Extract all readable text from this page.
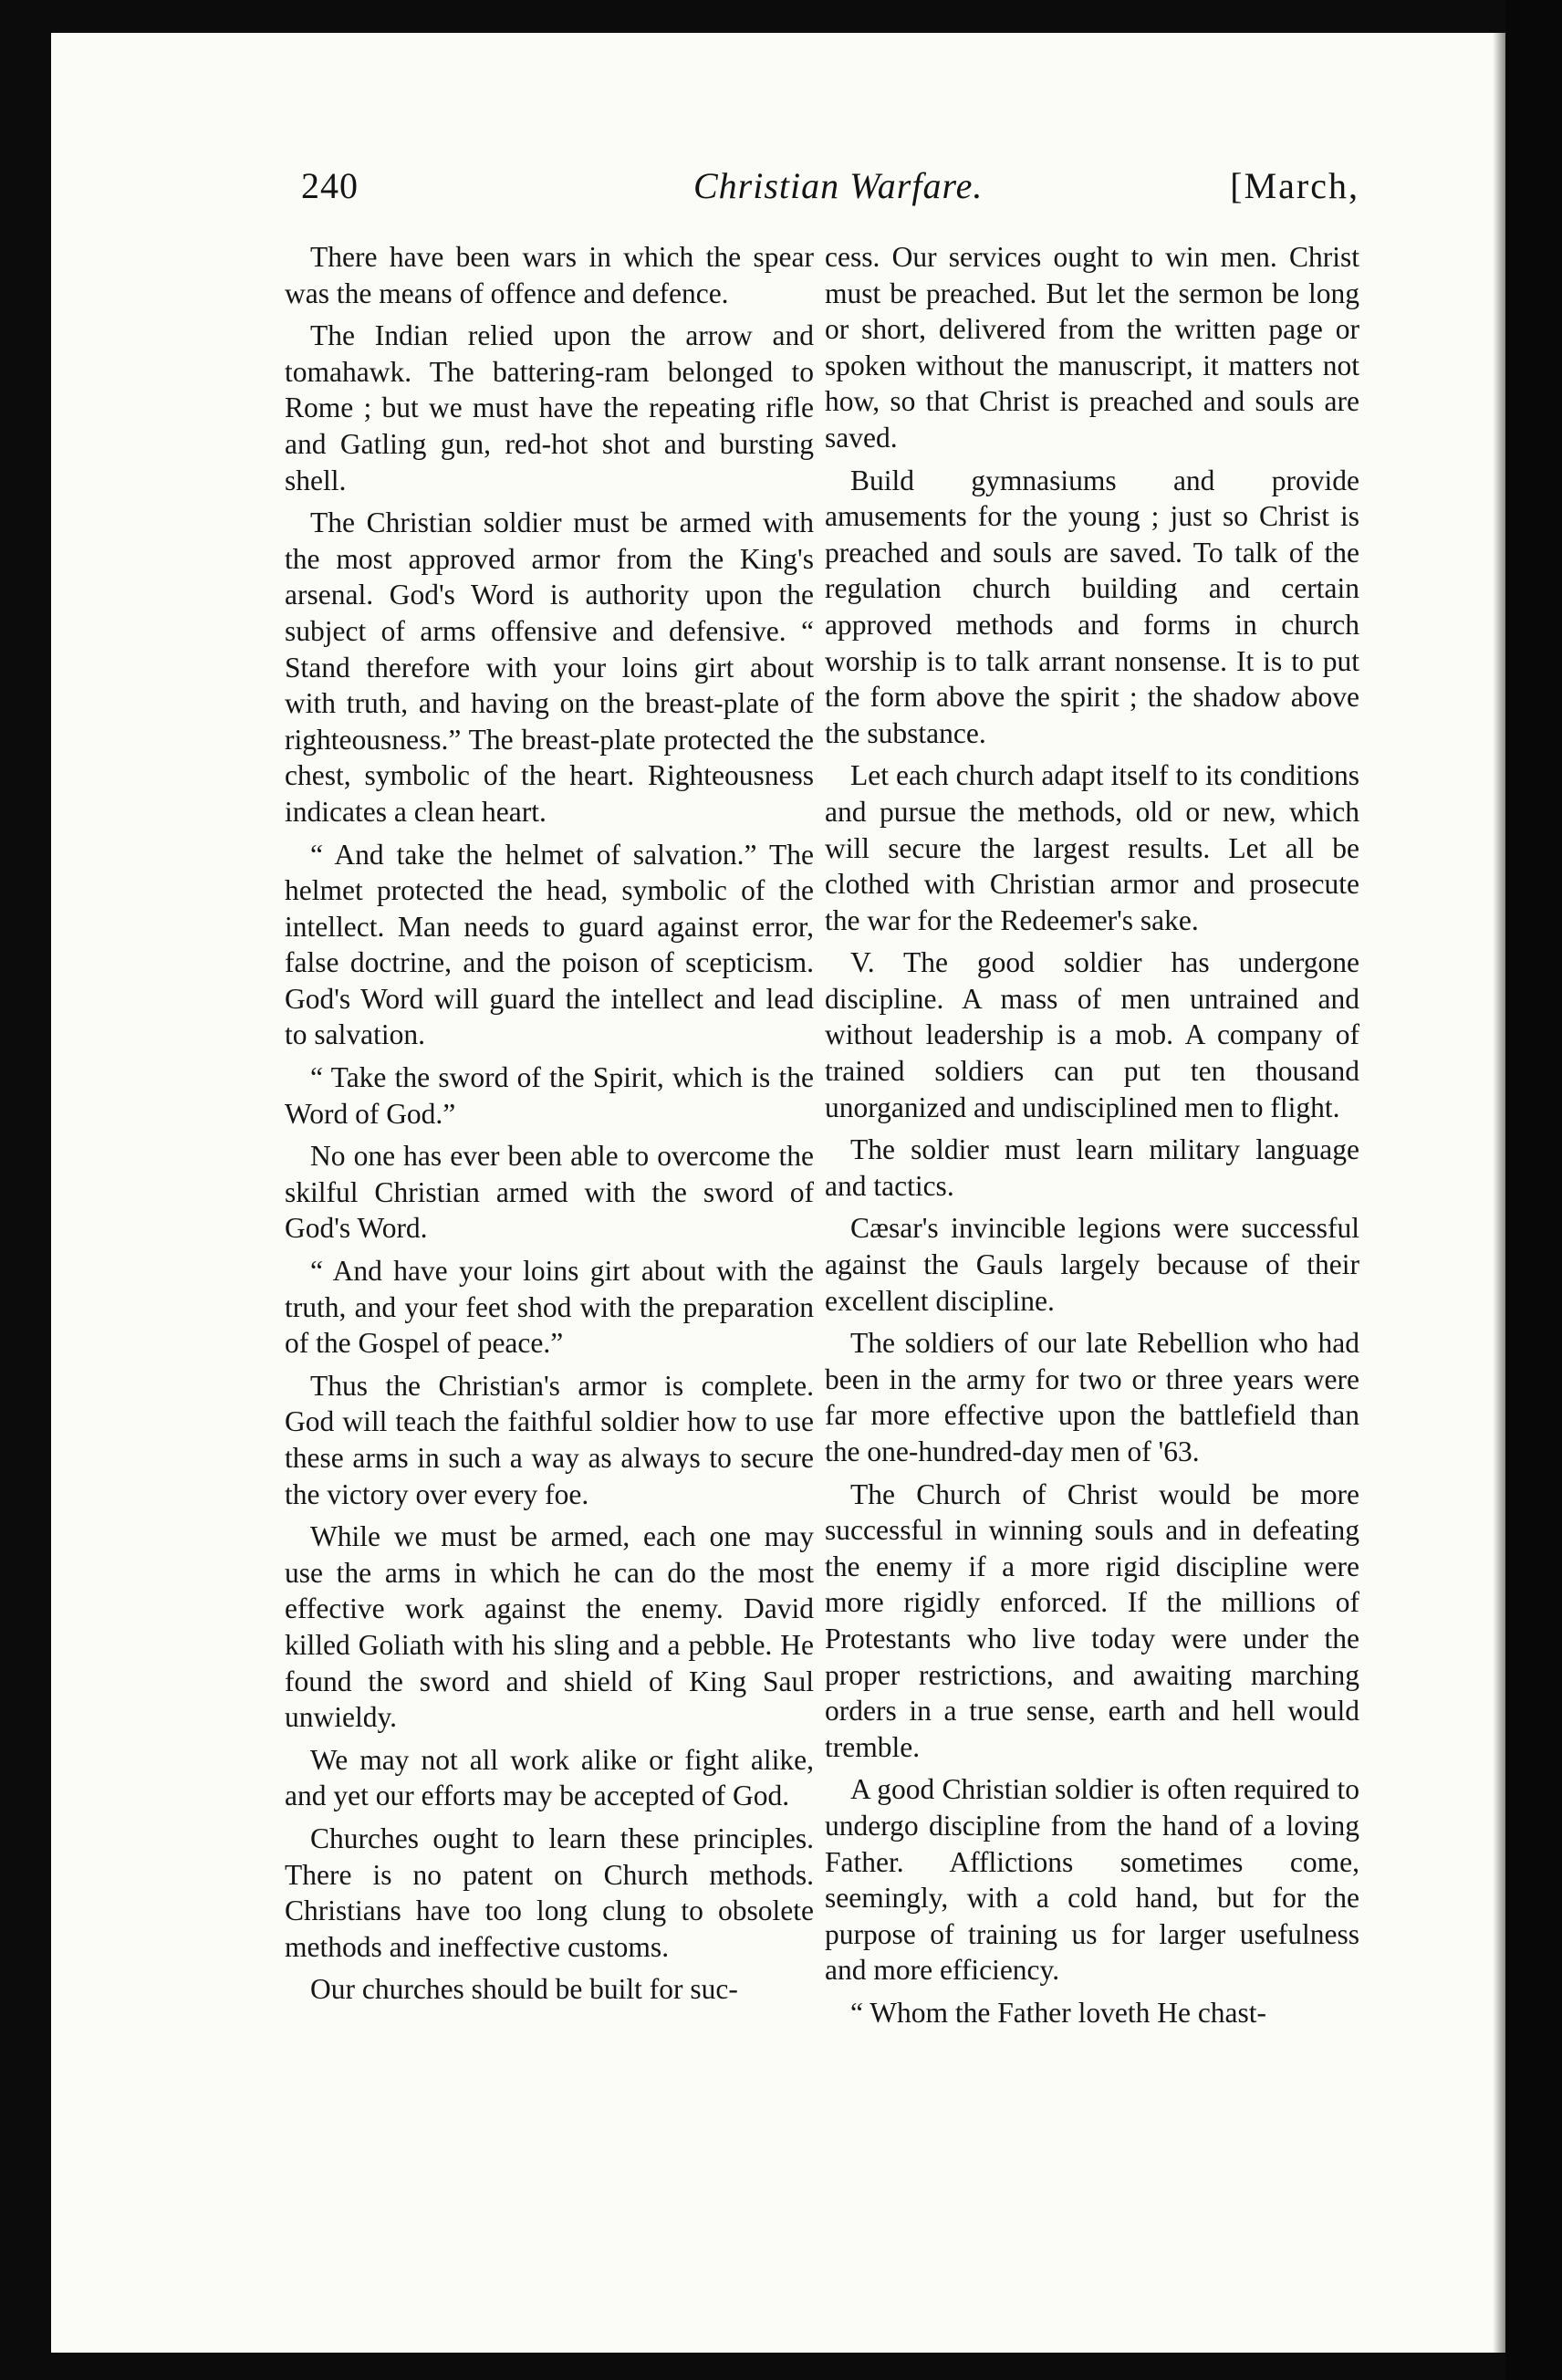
240	Christian Warfare.	[March,

There have been wars in which the spear was the means of offence and defence.

The Indian relied upon the arrow and tomahawk. The battering-ram belonged to Rome ; but we must have the repeating rifle and Gatling gun, red-hot shot and bursting shell.

The Christian soldier must be armed with the most approved armor from the King's arsenal. God's Word is authority upon the subject of arms offensive and defensive. “ Stand therefore with your loins girt about with truth, and having on the breast-plate of righteousness.” The breast-plate protected the chest, symbolic of the heart. Righteousness indicates a clean heart.

“ And take the helmet of salvation.” The helmet protected the head, symbolic of the intellect. Man needs to guard against error, false doctrine, and the poison of scepticism. God's Word will guard the intellect and lead to salvation.

“ Take the sword of the Spirit, which is the Word of God.”

No one has ever been able to overcome the skilful Christian armed with the sword of God's Word.

“ And have your loins girt about with the truth, and your feet shod with the preparation of the Gospel of peace.”

Thus the Christian's armor is complete. God will teach the faithful soldier how to use these arms in such a way as always to secure the victory over every foe.

While we must be armed, each one may use the arms in which he can do the most effective work against the enemy. David killed Goliath with his sling and a pebble. He found the sword and shield of King Saul unwieldy.

We may not all work alike or fight alike, and yet our efforts may be accepted of God.

Churches ought to learn these principles. There is no patent on Church methods. Christians have too long clung to obsolete methods and ineffective customs.

Our churches should be built for suc-

cess. Our services ought to win men. Christ must be preached. But let the sermon be long or short, delivered from the written page or spoken without the manuscript, it matters not how, so that Christ is preached and souls are saved.

Build gymnasiums and provide amusements for the young ; just so Christ is preached and souls are saved. To talk of the regulation church building and certain approved methods and forms in church worship is to talk arrant nonsense. It is to put the form above the spirit ; the shadow above the substance.

Let each church adapt itself to its conditions and pursue the methods, old or new, which will secure the largest results. Let all be clothed with Christian armor and prosecute the war for the Redeemer's sake.

V. The good soldier has undergone discipline. A mass of men untrained and without leadership is a mob. A company of trained soldiers can put ten thousand unorganized and undisciplined men to flight.

The soldier must learn military language and tactics.

Cæsar's invincible legions were successful against the Gauls largely because of their excellent discipline.

The soldiers of our late Rebellion who had been in the army for two or three years were far more effective upon the battlefield than the one-hundred-day men of '63.

The Church of Christ would be more successful in winning souls and in defeating the enemy if a more rigid discipline were more rigidly enforced. If the millions of Protestants who live today were under the proper restrictions, and awaiting marching orders in a true sense, earth and hell would tremble.

A good Christian soldier is often required to undergo discipline from the hand of a loving Father. Afflictions sometimes come, seemingly, with a cold hand, but for the purpose of training us for larger usefulness and more efficiency.

“ Whom the Father loveth He chast-
